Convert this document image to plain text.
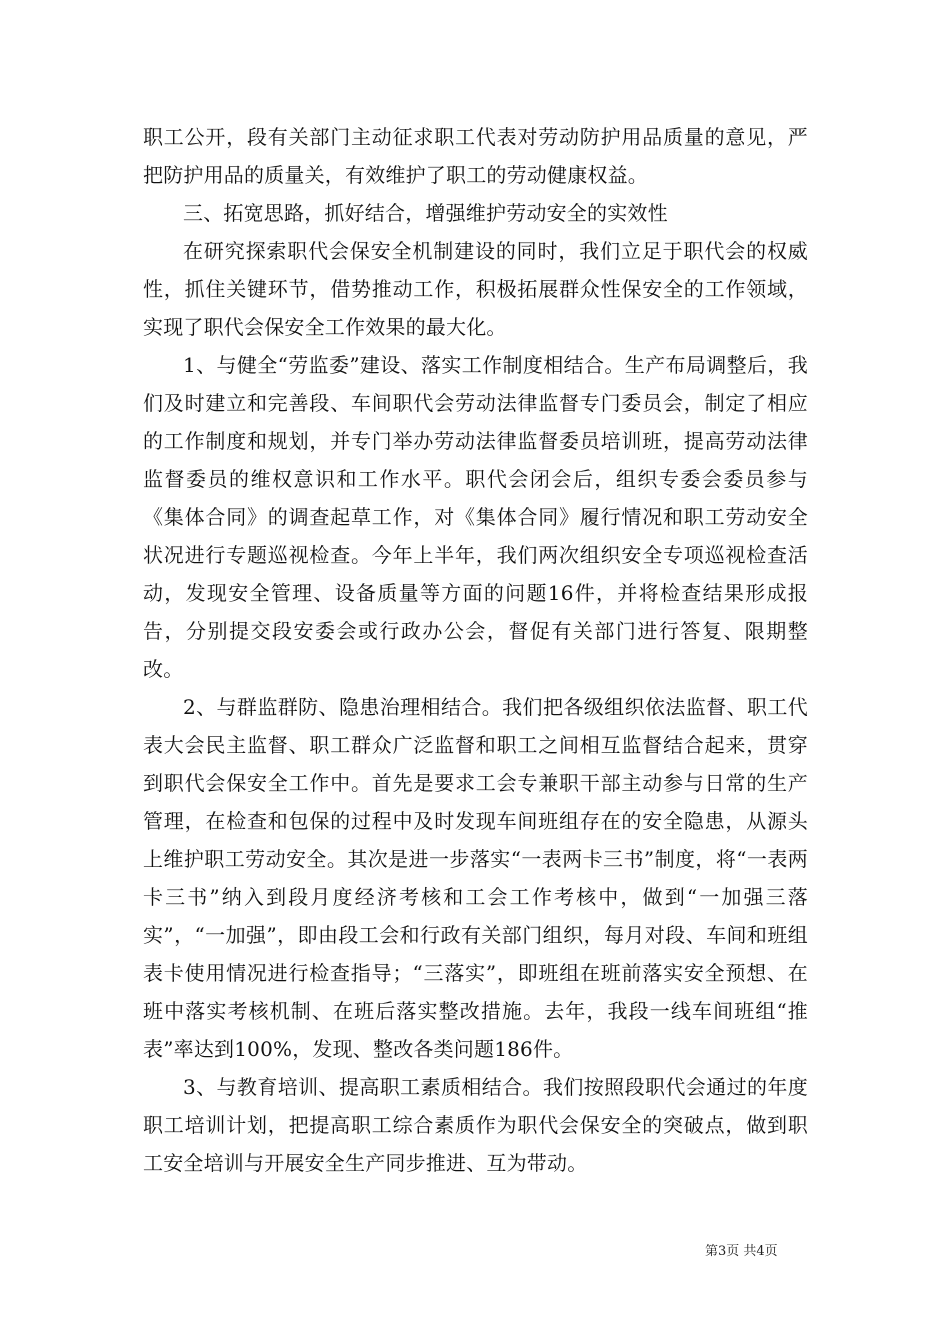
职工公开，段有关部门主动征求职工代表对劳动防护用品质量的意见，严把防护用品的质量关，有效维护了职工的劳动健康权益。

三、拓宽思路，抓好结合，增强维护劳动安全的实效性

在研究探索职代会保安全机制建设的同时，我们立足于职代会的权威性，抓住关键环节，借势推动工作，积极拓展群众性保安全的工作领域，实现了职代会保安全工作效果的最大化。

1、与健全“劳监委”建设、落实工作制度相结合。生产布局调整后，我们及时建立和完善段、车间职代会劳动法律监督专门委员会，制定了相应的工作制度和规划，并专门举办劳动法律监督委员培训班，提高劳动法律监督委员的维权意识和工作水平。职代会闭会后，组织专委会委员参与《集体合同》的调查起草工作，对《集体合同》履行情况和职工劳动安全状况进行专题巡视检查。今年上半年，我们两次组织安全专项巡视检查活动，发现安全管理、设备质量等方面的问题16件，并将检查结果形成报告，分别提交段安委会或行政办公会，督促有关部门进行答复、限期整改。

2、与群监群防、隐患治理相结合。我们把各级组织依法监督、职工代表大会民主监督、职工群众广泛监督和职工之间相互监督结合起来，贯穿到职代会保安全工作中。首先是要求工会专兼职干部主动参与日常的生产管理，在检查和包保的过程中及时发现车间班组存在的安全隐患，从源头上维护职工劳动安全。其次是进一步落实“一表两卡三书”制度，将“一表两卡三书”纳入到段月度经济考核和工会工作考核中，做到“一加强三落实”，“一加强”，即由段工会和行政有关部门组织，每月对段、车间和班组表卡使用情况进行检查指导；“三落实”，即班组在班前落实安全预想、在班中落实考核机制、在班后落实整改措施。去年，我段一线车间班组“推表”率达到100%，发现、整改各类问题186件。

3、与教育培训、提高职工素质相结合。我们按照段职代会通过的年度职工培训计划，把提高职工综合素质作为职代会保安全的突破点，做到职工安全培训与开展安全生产同步推进、互为带动。

第3页 共4页
